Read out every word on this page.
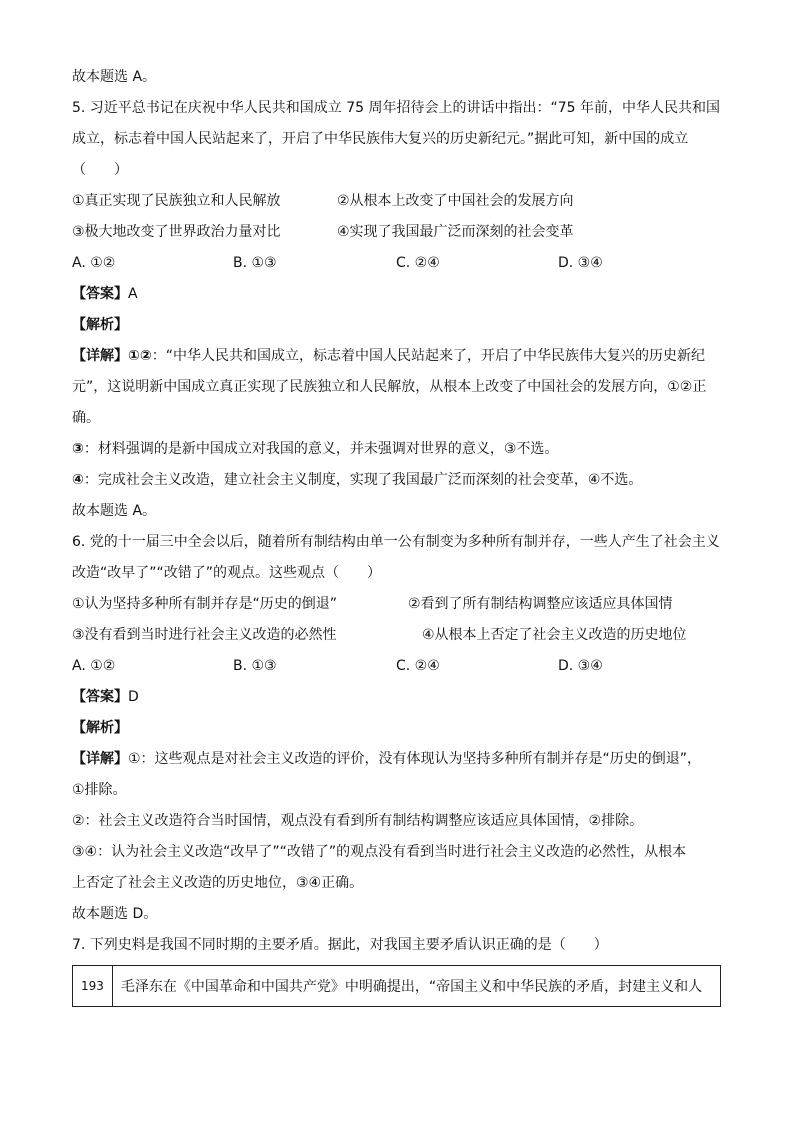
故本题选 A。
5. 习近平总书记在庆祝中华人民共和国成立 75 周年招待会上的讲话中指出：“75 年前，中华人民共和国
成立，标志着中国人民站起来了，开启了中华民族伟大复兴的历史新纪元。”据此可知，新中国的成立
（　　）
①真正实现了民族独立和人民解放	②从根本上改变了中国社会的发展方向
③极大地改变了世界政治力量对比	④实现了我国最广泛而深刻的社会变革
A. ①②	B. ①③	C. ②④	D. ③④
【答案】A
【解析】
【详解】①②：“中华人民共和国成立，标志着中国人民站起来了，开启了中华民族伟大复兴的历史新纪
元”，这说明新中国成立真正实现了民族独立和人民解放，从根本上改变了中国社会的发展方向，①②正
确。
③：材料强调的是新中国成立对我国的意义，并未强调对世界的意义，③不选。
④：完成社会主义改造，建立社会主义制度，实现了我国最广泛而深刻的社会变革，④不选。
故本题选 A。
6. 党的十一届三中全会以后，随着所有制结构由单一公有制变为多种所有制并存，一些人产生了社会主义
改造“改早了”“改错了”的观点。这些观点（　　）
①认为坚持多种所有制并存是“历史的倒退”	②看到了所有制结构调整应该适应具体国情
③没有看到当时进行社会主义改造的必然性	④从根本上否定了社会主义改造的历史地位
A. ①②	B. ①③	C. ②④	D. ③④
【答案】D
【解析】
【详解】①：这些观点是对社会主义改造的评价，没有体现认为坚持多种所有制并存是“历史的倒退”，
①排除。
②：社会主义改造符合当时国情，观点没有看到所有制结构调整应该适应具体国情，②排除。
③④：认为社会主义改造“改早了”“改错了”的观点没有看到当时进行社会主义改造的必然性，从根本
上否定了社会主义改造的历史地位，③④正确。
故本题选 D。
7. 下列史料是我国不同时期的主要矛盾。据此，对我国主要矛盾认识正确的是（　　）
193	毛泽东在《中国革命和中国共产党》中明确提出，“帝国主义和中华民族的矛盾，封建主义和人
